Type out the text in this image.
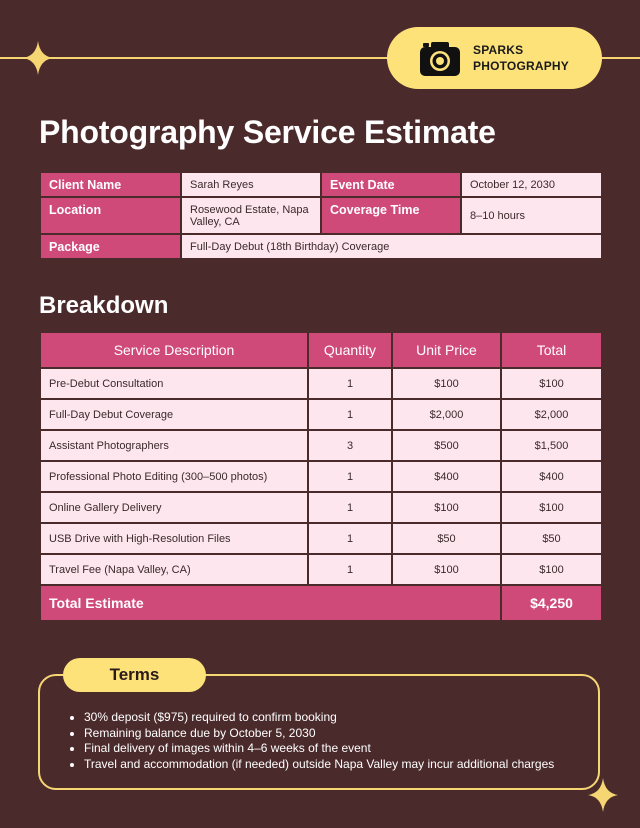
SPARKS
PHOTOGRAPHY
Photography Service Estimate
Client Name	Sarah Reyes	Event Date	October 12, 2030
Location	Rosewood Estate, Napa Valley, CA	Coverage Time	8–10 hours
Package	Full-Day Debut (18th Birthday) Coverage		
Breakdown
Service Description	Quantity	Unit Price	Total
Pre-Debut Consultation	1	$100	$100
Full-Day Debut Coverage	1	$2,000	$2,000
Assistant Photographers	3	$500	$1,500
Professional Photo Editing (300–500 photos)	1	$400	$400
Online Gallery Delivery	1	$100	$100
USB Drive with High-Resolution Files	1	$50	$50
Travel Fee (Napa Valley, CA)	1	$100	$100
Total Estimate			$4,250
Terms
• 30% deposit ($975) required to confirm booking
• Remaining balance due by October 5, 2030
• Final delivery of images within 4–6 weeks of the event
• Travel and accommodation (if needed) outside Napa Valley may incur additional charges
